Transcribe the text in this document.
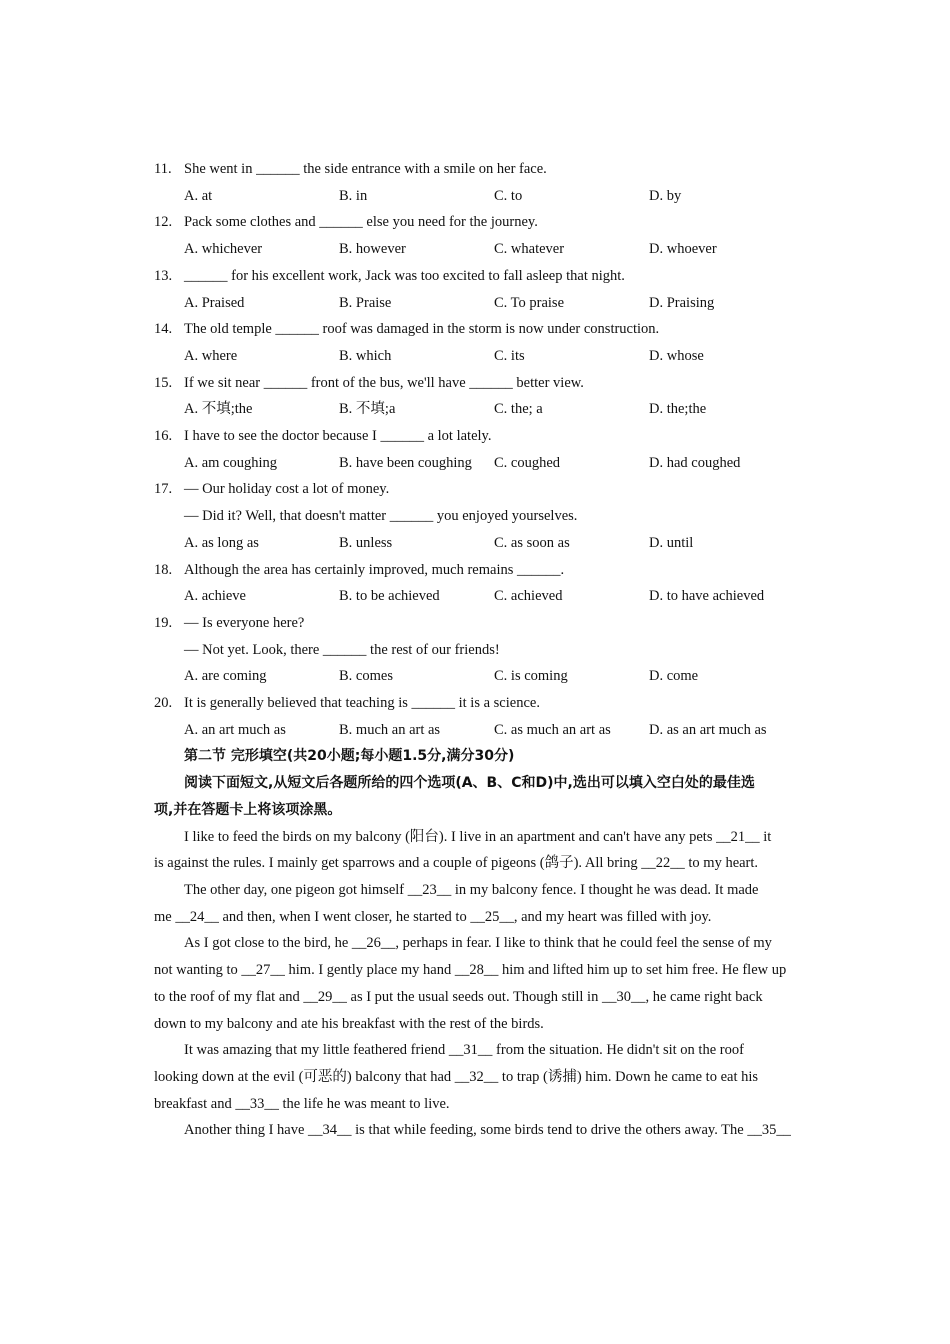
11. She went in ______ the side entrance with a smile on her face.
A. at	B. in	C. to	D. by
12. Pack some clothes and ______ else you need for the journey.
A. whichever	B. however	C. whatever	D. whoever
13. ______ for his excellent work, Jack was too excited to fall asleep that night.
A. Praised	B. Praise	C. To praise	D. Praising
14. The old temple ______ roof was damaged in the storm is now under construction.
A. where	B. which	C. its	D. whose
15. If we sit near ______ front of the bus, we'll have ______ better view.
A. 不填;the	B. 不填;a	C. the; a	D. the;the
16. I have to see the doctor because I ______ a lot lately.
A. am coughing	B. have been coughing	C. coughed	D. had coughed
17. — Our holiday cost a lot of money.
— Did it? Well, that doesn't matter ______ you enjoyed yourselves.
A. as long as	B. unless	C. as soon as	D. until
18. Although the area has certainly improved, much remains ______.
A. achieve	B. to be achieved	C. achieved	D. to have achieved
19. — Is everyone here?
— Not yet. Look, there ______ the rest of our friends!
A. are coming	B. comes	C. is coming	D. come
20. It is generally believed that teaching is ______ it is a science.
A. an art much as	B. much an art as	C. as much an art as	D. as an art much as
第二节 完形填空(共20小题;每小题1.5分,满分30分)
阅读下面短文,从短文后各题所给的四个选项(A、B、C和D)中,选出可以填入空白处的最佳选
项,并在答题卡上将该项涂黑。
I like to feed the birds on my balcony (阳台). I live in an apartment and can't have any pets __21__ it
is against the rules. I mainly get sparrows and a couple of pigeons (鸽子). All bring __22__ to my heart.
The other day, one pigeon got himself __23__ in my balcony fence. I thought he was dead. It made
me __24__ and then, when I went closer, he started to __25__, and my heart was filled with joy.
As I got close to the bird, he __26__, perhaps in fear. I like to think that he could feel the sense of my
not wanting to __27__ him. I gently place my hand __28__ him and lifted him up to set him free. He flew up
to the roof of my flat and __29__ as I put the usual seeds out. Though still in __30__, he came right back
down to my balcony and ate his breakfast with the rest of the birds.
It was amazing that my little feathered friend __31__ from the situation. He didn't sit on the roof
looking down at the evil (可恶的) balcony that had __32__ to trap (诱捕) him. Down he came to eat his
breakfast and __33__ the life he was meant to live.
Another thing I have __34__ is that while feeding, some birds tend to drive the others away. The __35__
